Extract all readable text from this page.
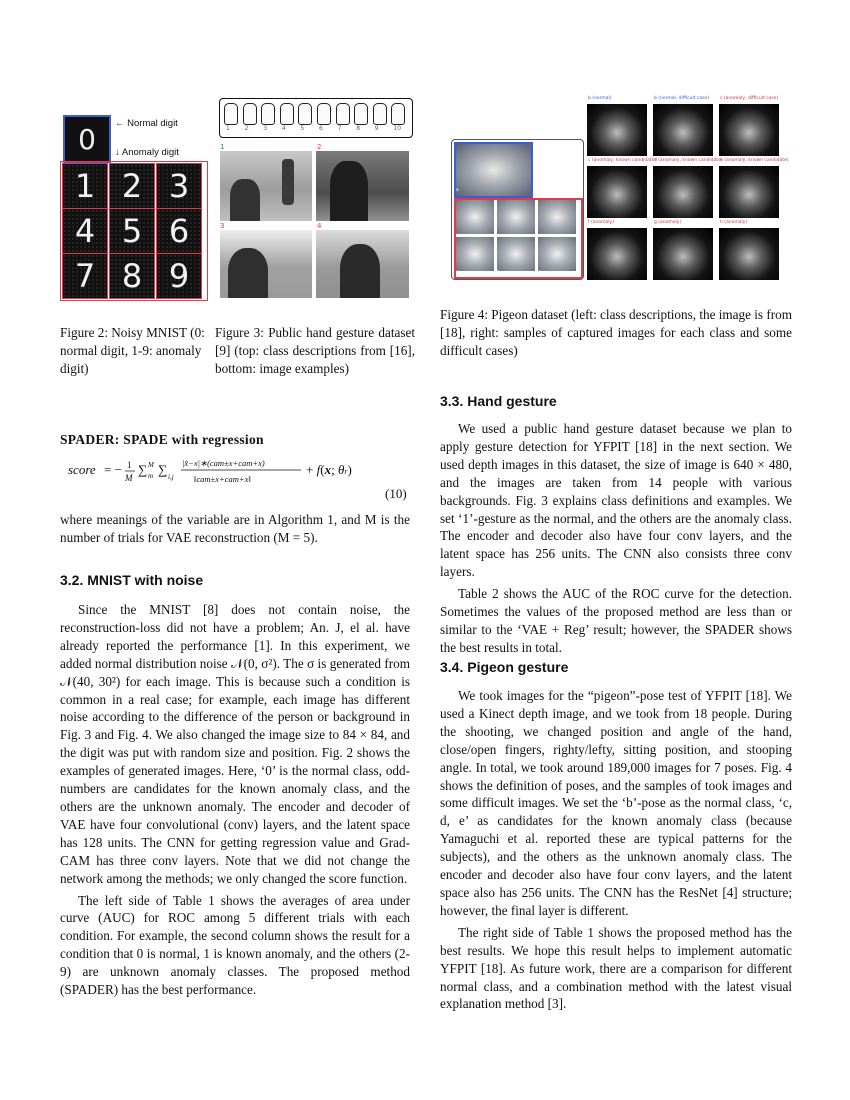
0 ← Normal digit
↓ Anomaly digit
1 2 3
4 5 6
7 8 9
Figure 2: Noisy MNIST (0: normal digit, 1-9: anomaly digit)
1 2 3 4 5 6 7 8 9 10
1	2
3	4
Figure 3: Public hand gesture dataset [9] (top: class descriptions from [16], bottom: image examples)
a
b	c	d
e	f	g
b (normal)	b (normal, difficult case) c (anomaly, difficult case)
c (anomaly, known candidate)
d (anomaly, known candidate)
e (anomaly, known candidate)
f (anomaly)	g (anomaly)	h (anomaly)
Figure 4: Pigeon dataset (left: class descriptions, the image is from [18], right: samples of captured images for each class and some difficult cases)
SPADER: SPADE with regression
score = − 1
M
∑ M
m ∑ i,j
|x̂−x|∗(cam±x+cam+x)
‖cam±x+cam+x‖
+ f(x; θr)
(10)
where meanings of the variable are in Algorithm 1, and M is the number of trials for VAE reconstruction (M = 5).
3.2. MNIST with noise

Since the MNIST [8] does not contain noise, the reconstruction-loss did not have a problem; An. J, el al. have already reported the performance [1]. In this experiment, we added normal distribution noise 𝒩(0, σ²). The σ is generated from 𝒩(40, 30²) for each image. This is because such a condition is common in a real case; for example, each image has different noise according to the difference of the person or background in Fig. 3 and Fig. 4. We also changed the image size to 84 × 84, and the digit was put with random size and position. Fig. 2 shows the examples of generated images. Here, ‘0’ is the normal class, odd-numbers are candidates for the known anomaly class, and the others are the unknown anomaly. The encoder and decoder of VAE have four convolutional (conv) layers, and the latent space has 128 units. The CNN for getting regression value and Grad-CAM has three conv layers. Note that we did not change the network among the methods; we only changed the score function.

The left side of Table 1 shows the averages of area under curve (AUC) for ROC among 5 different trials with each condition. For example, the second column shows the result for a condition that 0 is normal, 1 is known anomaly, and the others (2-9) are unknown anomaly classes. The proposed method (SPADER) has the best performance.

3.3. Hand gesture

We used a public hand gesture dataset because we plan to apply gesture detection for YFPIT [18] in the next section. We used depth images in this dataset, the size of image is 640 × 480, and the images are taken from 14 people with various backgrounds. Fig. 3 explains class definitions and examples. We set ‘1’-gesture as the normal, and the others are the anomaly class. The encoder and decoder also have four conv layers, and the latent space has 256 units. The CNN also consists three conv layers.

Table 2 shows the AUC of the ROC curve for the detection. Sometimes the values of the proposed method are less than or similar to the ‘VAE + Reg’ result; however, the SPADER shows the best results in total.

3.4. Pigeon gesture

We took images for the “pigeon”-pose test of YFPIT [18]. We used a Kinect depth image, and we took from 18 people. During the shooting, we changed position and angle of the hand, close/open fingers, righty/lefty, sitting position, and stooping angle. In total, we took around 189,000 images for 7 poses. Fig. 4 shows the definition of poses, and the samples of took images and some difficult images. We set the ‘b’-pose as the normal class, ‘c, d, e’ as candidates for the known anomaly class (because Yamaguchi et al. reported these are typical patterns for the subjects), and the others as the unknown anomaly class. The encoder and decoder also have four conv layers, and the latent space also has 256 units. The CNN has the ResNet [4] structure; however, the final layer is different.

The right side of Table 1 shows the proposed method has the best results. We hope this result helps to implement automatic YFPIT [18]. As future work, there are a comparison for different normal class, and a combination method with the latest visual explanation method [3].
